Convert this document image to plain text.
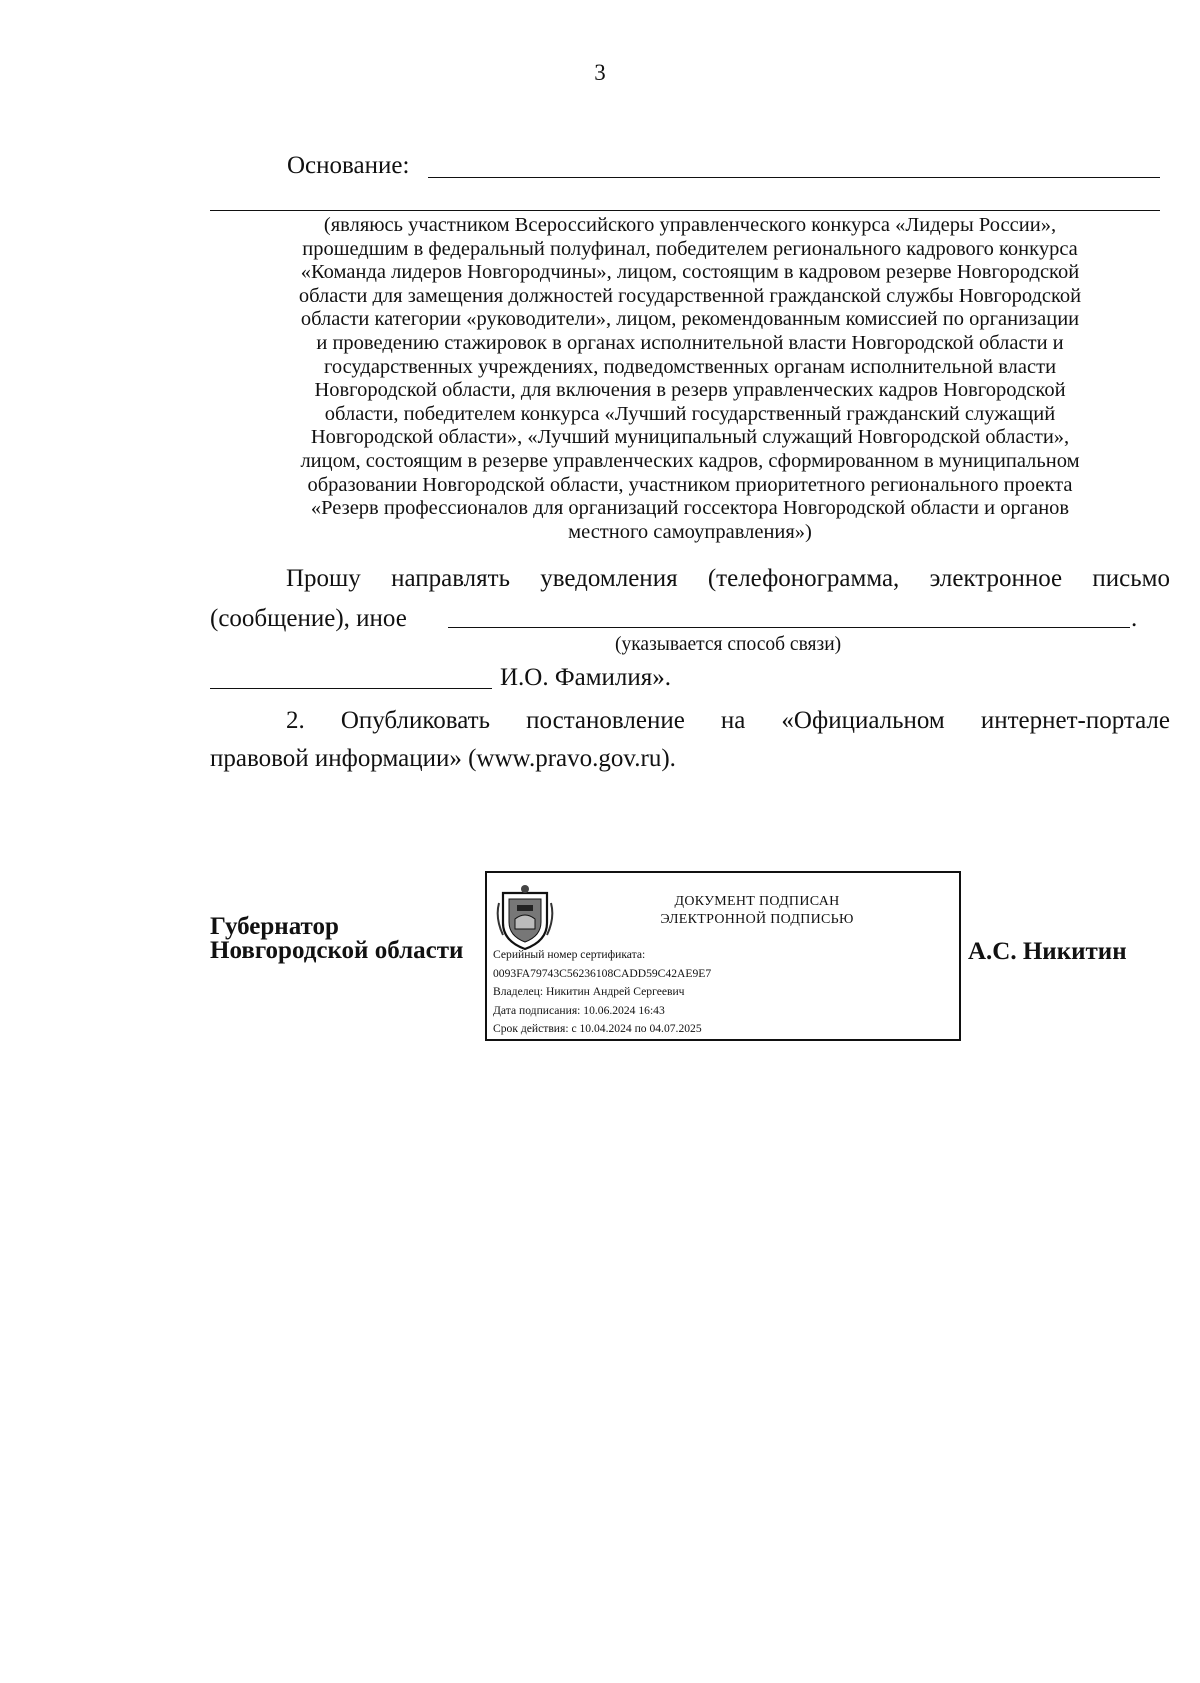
3
Основание:
(являюсь участником Всероссийского управленческого конкурса «Лидеры России»,
прошедшим в федеральный полуфинал, победителем регионального кадрового конкурса
«Команда лидеров Новгородчины», лицом, состоящим в кадровом резерве Новгородской
области для замещения должностей государственной гражданской службы Новгородской
области категории «руководители», лицом, рекомендованным комиссией по организации
и проведению стажировок в органах исполнительной власти Новгородской области и
государственных учреждениях, подведомственных органам исполнительной власти
Новгородской области, для включения в резерв управленческих кадров Новгородской
области, победителем конкурса «Лучший государственный гражданский служащий
Новгородской области», «Лучший муниципальный служащий Новгородской области»,
лицом, состоящим в резерве управленческих кадров, сформированном в муниципальном
образовании Новгородской области, участником приоритетного регионального проекта
«Резерв профессионалов для организаций госсектора Новгородской области и органов
местного самоуправления»)
Прошу направлять уведомления (телефонограмма, электронное письмо
(сообщение), иное	.
(указывается способ связи)
И.О. Фамилия».
2. Опубликовать постановление на «Официальном интернет-портале
правовой информации» (www.pravo.gov.ru).
Губернатор
Новгородской области	А.С. Никитин
ДОКУМЕНТ ПОДПИСАН
ЭЛЕКТРОННОЙ ПОДПИСЬЮ
Серийный номер сертификата:
0093FA79743C56236108CADD59C42AE9E7
Владелец: Никитин Андрей Сергеевич
Дата подписания: 10.06.2024 16:43
Срок действия: с 10.04.2024 по 04.07.2025
